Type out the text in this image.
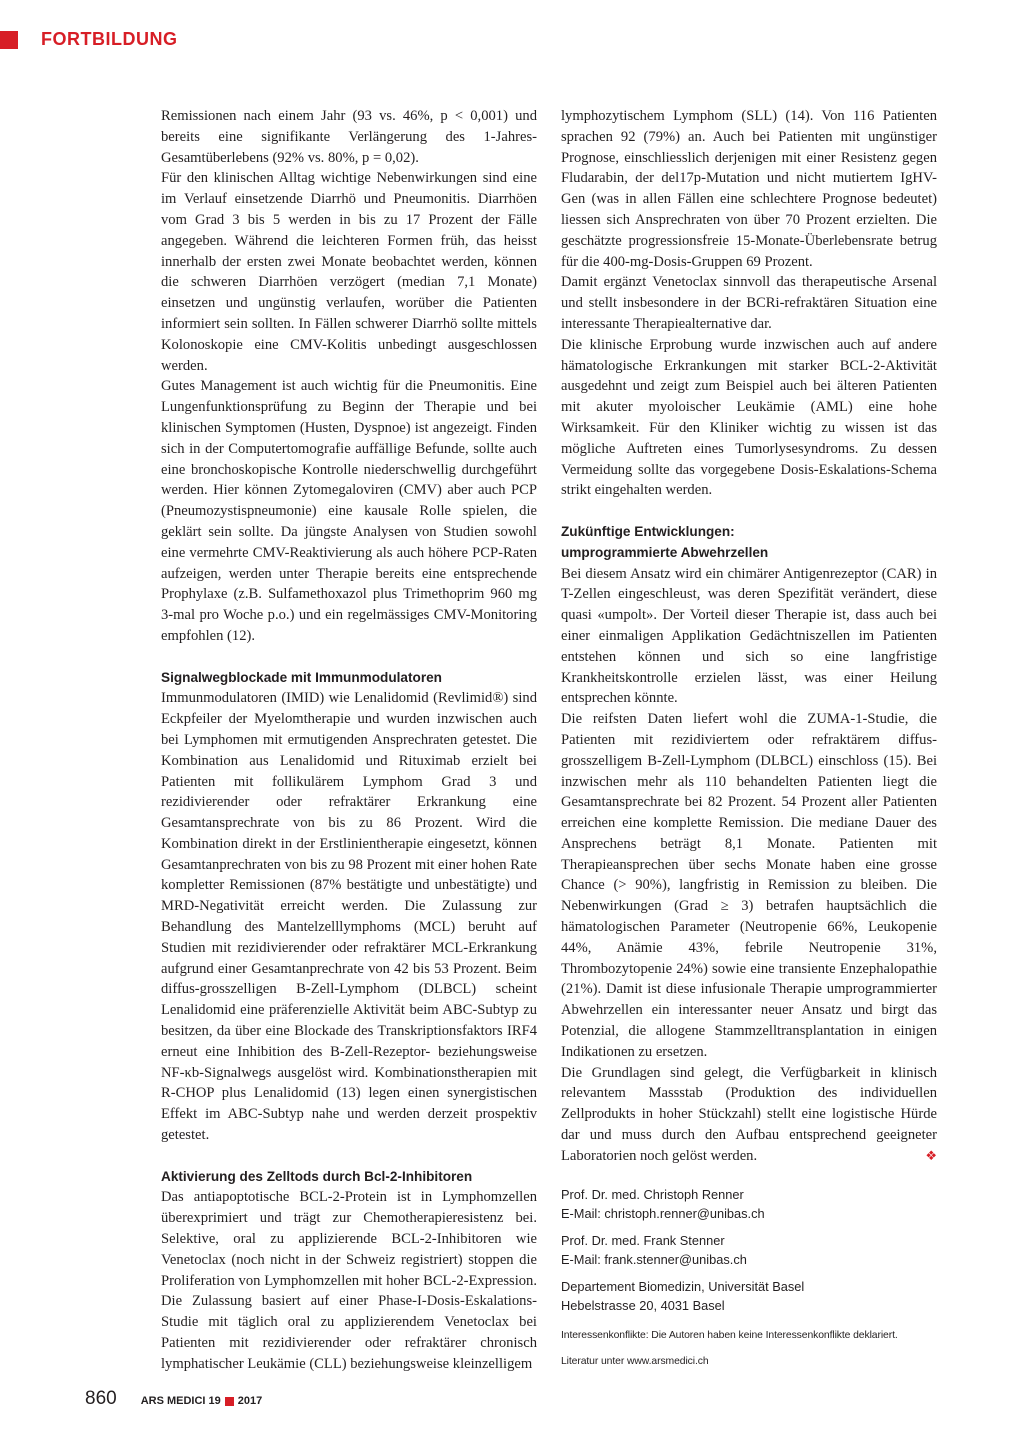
FORTBILDUNG

Remissionen nach einem Jahr (93 vs. 46%, p < 0,001) und bereits eine signifikante Verlängerung des 1-Jahres-Gesamtüberlebens (92% vs. 80%, p = 0,02).

Für den klinischen Alltag wichtige Nebenwirkungen sind eine im Verlauf einsetzende Diarrhö und Pneumonitis. Diarrhöen vom Grad 3 bis 5 werden in bis zu 17 Prozent der Fälle angegeben. Während die leichteren Formen früh, das heisst innerhalb der ersten zwei Monate beobachtet werden, können die schweren Diarrhöen verzögert (median 7,1 Monate) einsetzen und ungünstig verlaufen, worüber die Patienten informiert sein sollten. In Fällen schwerer Diarrhö sollte mittels Kolonoskopie eine CMV-Kolitis unbedingt ausgeschlossen werden.

Gutes Management ist auch wichtig für die Pneumonitis. Eine Lungenfunktionsprüfung zu Beginn der Therapie und bei klinischen Symptomen (Husten, Dyspnoe) ist angezeigt. Finden sich in der Computertomografie auffällige Befunde, sollte auch eine bronchoskopische Kontrolle niederschwellig durchgeführt werden. Hier können Zytomegaloviren (CMV) aber auch PCP (Pneumozystispneumonie) eine kausale Rolle spielen, die geklärt sein sollte. Da jüngste Analysen von Studien sowohl eine vermehrte CMV-Reaktivierung als auch höhere PCP-Raten aufzeigen, werden unter Therapie bereits eine entsprechende Prophylaxe (z.B. Sulfamethoxazol plus Trimethoprim 960 mg 3-mal pro Woche p.o.) und ein regelmässiges CMV-Monitoring empfohlen (12).

Signalwegblockade mit Immunmodulatoren

Immunmodulatoren (IMID) wie Lenalidomid (Revlimid®) sind Eckpfeiler der Myelomtherapie und wurden inzwischen auch bei Lymphomen mit ermutigenden Ansprechraten getestet. Die Kombination aus Lenalidomid und Rituximab erzielt bei Patienten mit follikulärem Lymphom Grad 3 und rezidivierender oder refraktärer Erkrankung eine Gesamtansprechrate von bis zu 86 Prozent. Wird die Kombination direkt in der Erstlinientherapie eingesetzt, können Gesamtanprechraten von bis zu 98 Prozent mit einer hohen Rate kompletter Remissionen (87% bestätigte und unbestätigte) und MRD-Negativität erreicht werden. Die Zulassung zur Behandlung des Mantelzelllymphoms (MCL) beruht auf Studien mit rezidivierender oder refraktärer MCL-Erkrankung aufgrund einer Gesamtanprechrate von 42 bis 53 Prozent. Beim diffus-grosszelligen B-Zell-Lymphom (DLBCL) scheint Lenalidomid eine präferenzielle Aktivität beim ABC-Subtyp zu besitzen, da über eine Blockade des Transkriptionsfaktors IRF4 erneut eine Inhibition des B-Zell-Rezeptor- beziehungsweise NF-κb-Signalwegs ausgelöst wird. Kombinationstherapien mit R-CHOP plus Lenalidomid (13) legen einen synergistischen Effekt im ABC-Subtyp nahe und werden derzeit prospektiv getestet.

Aktivierung des Zelltods durch Bcl-2-Inhibitoren

Das antiapoptotische BCL-2-Protein ist in Lymphomzellen überexprimiert und trägt zur Chemotherapieresistenz bei. Selektive, oral zu applizierende BCL-2-Inhibitoren wie Venetoclax (noch nicht in der Schweiz registriert) stoppen die Proliferation von Lymphomzellen mit hoher BCL-2-Expression. Die Zulassung basiert auf einer Phase-I-Dosis-Eskalations-Studie mit täglich oral zu applizierendem Venetoclax bei Patienten mit rezidivierender oder refraktärer chronisch lymphatischer Leukämie (CLL) beziehungsweise kleinzelligem

lymphozytischem Lymphom (SLL) (14). Von 116 Patienten sprachen 92 (79%) an. Auch bei Patienten mit ungünstiger Prognose, einschliesslich derjenigen mit einer Resistenz gegen Fludarabin, der del17p-Mutation und nicht mutiertem IgHV-Gen (was in allen Fällen eine schlechtere Prognose bedeutet) liessen sich Ansprechraten von über 70 Prozent erzielten. Die geschätzte progressionsfreie 15-Monate-Überlebensrate betrug für die 400-mg-Dosis-Gruppen 69 Prozent.

Damit ergänzt Venetoclax sinnvoll das therapeutische Arsenal und stellt insbesondere in der BCRi-refraktären Situation eine interessante Therapiealternative dar.

Die klinische Erprobung wurde inzwischen auch auf andere hämatologische Erkrankungen mit starker BCL-2-Aktivität ausgedehnt und zeigt zum Beispiel auch bei älteren Patienten mit akuter myoloischer Leukämie (AML) eine hohe Wirksamkeit. Für den Kliniker wichtig zu wissen ist das mögliche Auftreten eines Tumorlysesyndroms. Zu dessen Vermeidung sollte das vorgegebene Dosis-Eskalations-Schema strikt eingehalten werden.

Zukünftige Entwicklungen:

umprogrammierte Abwehrzellen

Bei diesem Ansatz wird ein chimärer Antigenrezeptor (CAR) in T-Zellen eingeschleust, was deren Spezifität verändert, diese quasi «umpolt». Der Vorteil dieser Therapie ist, dass auch bei einer einmaligen Applikation Gedächtniszellen im Patienten entstehen können und sich so eine langfristige Krankheitskontrolle erzielen lässt, was einer Heilung entsprechen könnte.

Die reifsten Daten liefert wohl die ZUMA-1-Studie, die Patienten mit rezidiviertem oder refraktärem diffus-grosszelligem B-Zell-Lymphom (DLBCL) einschloss (15). Bei inzwischen mehr als 110 behandelten Patienten liegt die Gesamtansprechrate bei 82 Prozent. 54 Prozent aller Patienten erreichen eine komplette Remission. Die mediane Dauer des Ansprechens beträgt 8,1 Monate. Patienten mit Therapieansprechen über sechs Monate haben eine grosse Chance (> 90%), langfristig in Remission zu bleiben. Die Nebenwirkungen (Grad ≥ 3) betrafen hauptsächlich die hämatologischen Parameter (Neutropenie 66%, Leukopenie 44%, Anämie 43%, febrile Neutropenie 31%, Thrombozytopenie 24%) sowie eine transiente Enzephalopathie (21%). Damit ist diese infusionale Therapie umprogrammierter Abwehrzellen ein interessanter neuer Ansatz und birgt das Potenzial, die allogene Stammzelltransplantation in einigen Indikationen zu ersetzen.

Die Grundlagen sind gelegt, die Verfügbarkeit in klinisch relevantem Massstab (Produktion des individuellen Zellprodukts in hoher Stückzahl) stellt eine logistische Hürde dar und muss durch den Aufbau entsprechend geeigneter Laboratorien noch gelöst werden.	❖

Prof. Dr. med. Christoph Renner

E-Mail: christoph.renner@unibas.ch

Prof. Dr. med. Frank Stenner

E-Mail: frank.stenner@unibas.ch

Departement Biomedizin, Universität Basel

Hebelstrasse 20, 4031 Basel

Interessenkonflikte: Die Autoren haben keine Interessenkonflikte deklariert.

Literatur unter www.arsmedici.ch

860 ARS MEDICI 19 2017
